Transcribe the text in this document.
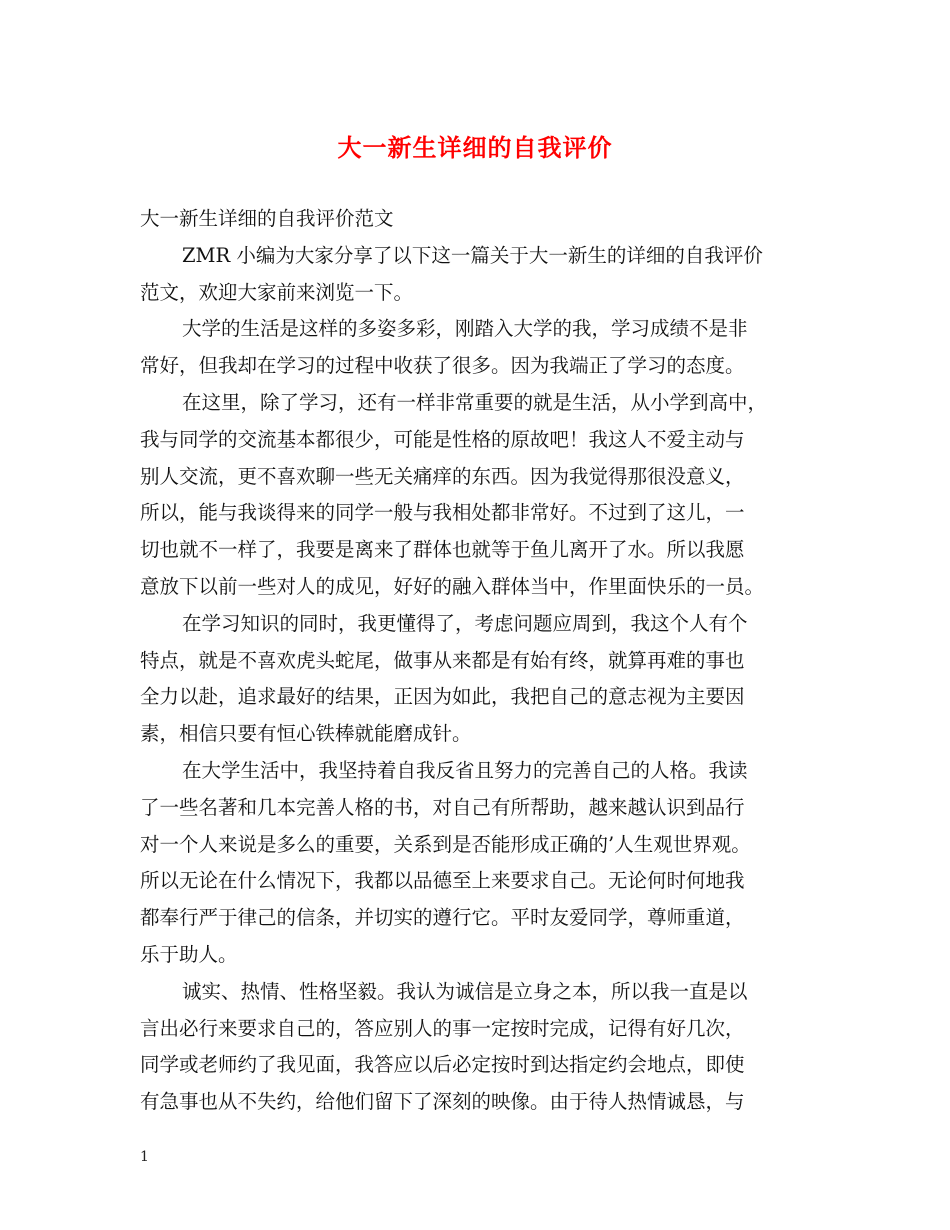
大一新生详细的自我评价

大一新生详细的自我评价范文

ZMR 小编为大家分享了以下这一篇关于大一新生的详细的自我评价
范文，欢迎大家前来浏览一下。

大学的生活是这样的多姿多彩，刚踏入大学的我，学习成绩不是非
常好，但我却在学习的过程中收获了很多。因为我端正了学习的态度。

在这里，除了学习，还有一样非常重要的就是生活，从小学到高中，
我与同学的交流基本都很少，可能是性格的原故吧！我这人不爱主动与
别人交流，更不喜欢聊一些无关痛痒的东西。因为我觉得那很没意义，
所以，能与我谈得来的同学一般与我相处都非常好。不过到了这儿，一
切也就不一样了，我要是离来了群体也就等于鱼儿离开了水。所以我愿
意放下以前一些对人的成见，好好的融入群体当中，作里面快乐的一员。

在学习知识的同时，我更懂得了，考虑问题应周到，我这个人有个
特点，就是不喜欢虎头蛇尾，做事从来都是有始有终，就算再难的事也
全力以赴，追求最好的结果，正因为如此，我把自己的意志视为主要因
素，相信只要有恒心铁棒就能磨成针。

在大学生活中，我坚持着自我反省且努力的完善自己的人格。我读
了一些名著和几本完善人格的书，对自己有所帮助，越来越认识到品行
对一个人来说是多么的重要，关系到是否能形成正确的’人生观世界观。
所以无论在什么情况下，我都以品德至上来要求自己。无论何时何地我
都奉行严于律己的信条，并切实的遵行它。平时友爱同学，尊师重道，
乐于助人。

诚实、热情、性格坚毅。我认为诚信是立身之本，所以我一直是以
言出必行来要求自己的，答应别人的事一定按时完成，记得有好几次，
同学或老师约了我见面，我答应以后必定按时到达指定约会地点，即使
有急事也从不失约，给他们留下了深刻的映像。由于待人热情诚恳，与

1
